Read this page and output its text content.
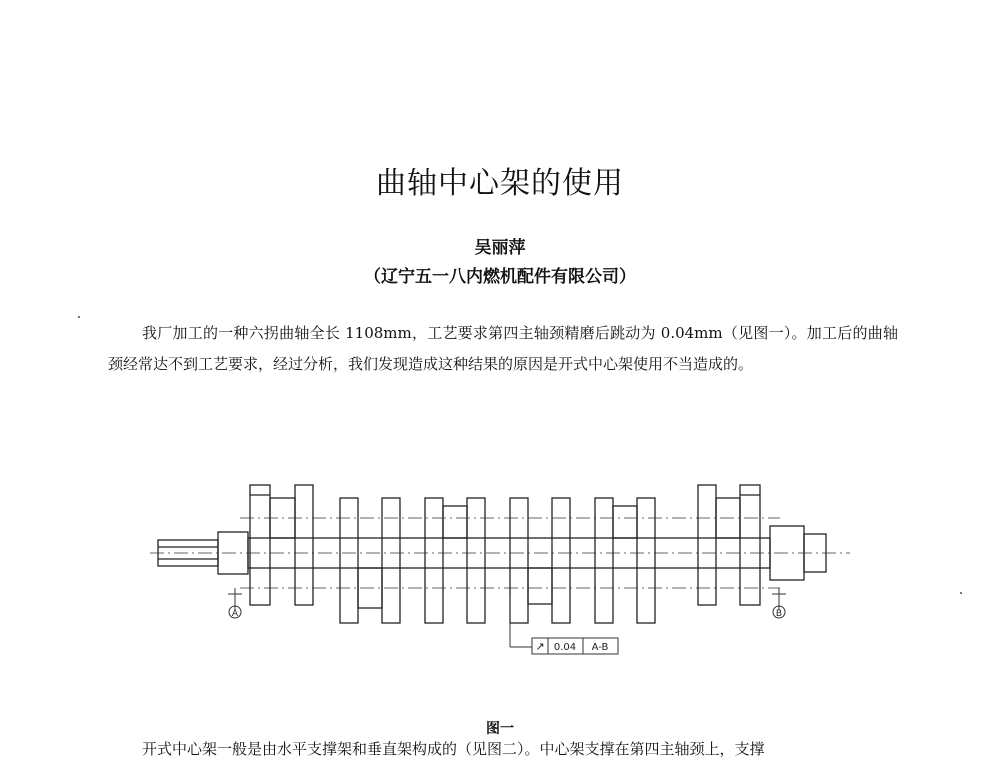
曲轴中心架的使用
吴丽萍
（辽宁五一八内燃机配件有限公司）

我厂加工的一种六拐曲轴全长 1108mm，工艺要求第四主轴颈精磨后跳动为 0.04mm（见图一）。加工后的曲轴颈经常达不到工艺要求，经过分析，我们发现造成这种结果的原因是开式中心架使用不当造成的。

A	B
↗ 0.04 A-B
图一

开式中心架一般是由水平支撑架和垂直架构成的（见图二）。中心架支撑在第四主轴颈上，支撑
